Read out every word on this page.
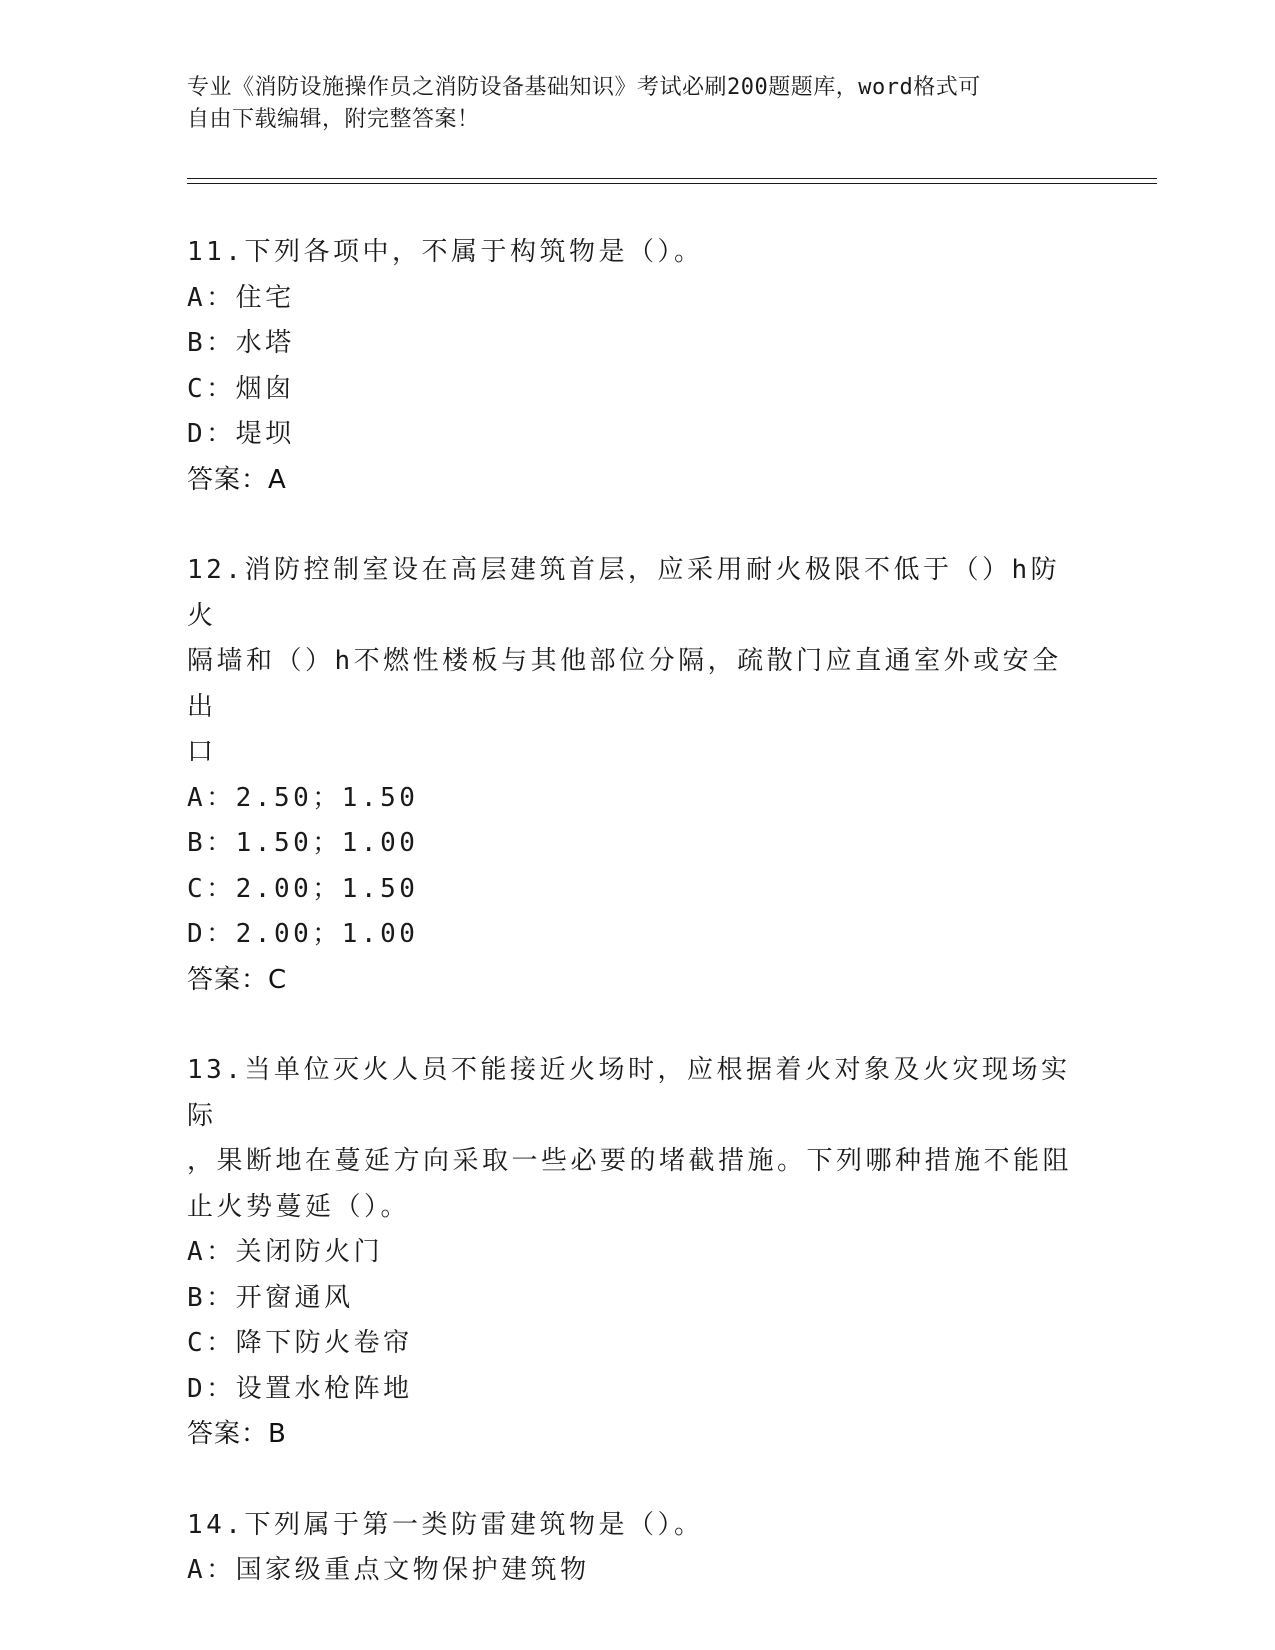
专业《消防设施操作员之消防设备基础知识》考试必刷200题题库，word格式可
自由下载编辑，附完整答案！
11.下列各项中，不属于构筑物是（）。
A：住宅
B：水塔
C：烟囱
D：堤坝
答案：A
12.消防控制室设在高层建筑首层，应采用耐火极限不低于（）h防火
隔墙和（）h不燃性楼板与其他部位分隔，疏散门应直通室外或安全出
口
A：2.50；1.50
B：1.50；1.00
C：2.00；1.50
D：2.00；1.00
答案：C
13.当单位灭火人员不能接近火场时，应根据着火对象及火灾现场实际
，果断地在蔓延方向采取一些必要的堵截措施。下列哪种措施不能阻
止火势蔓延（）。
A：关闭防火门
B：开窗通风
C：降下防火卷帘
D：设置水枪阵地
答案：B
14.下列属于第一类防雷建筑物是（）。
A：国家级重点文物保护建筑物
